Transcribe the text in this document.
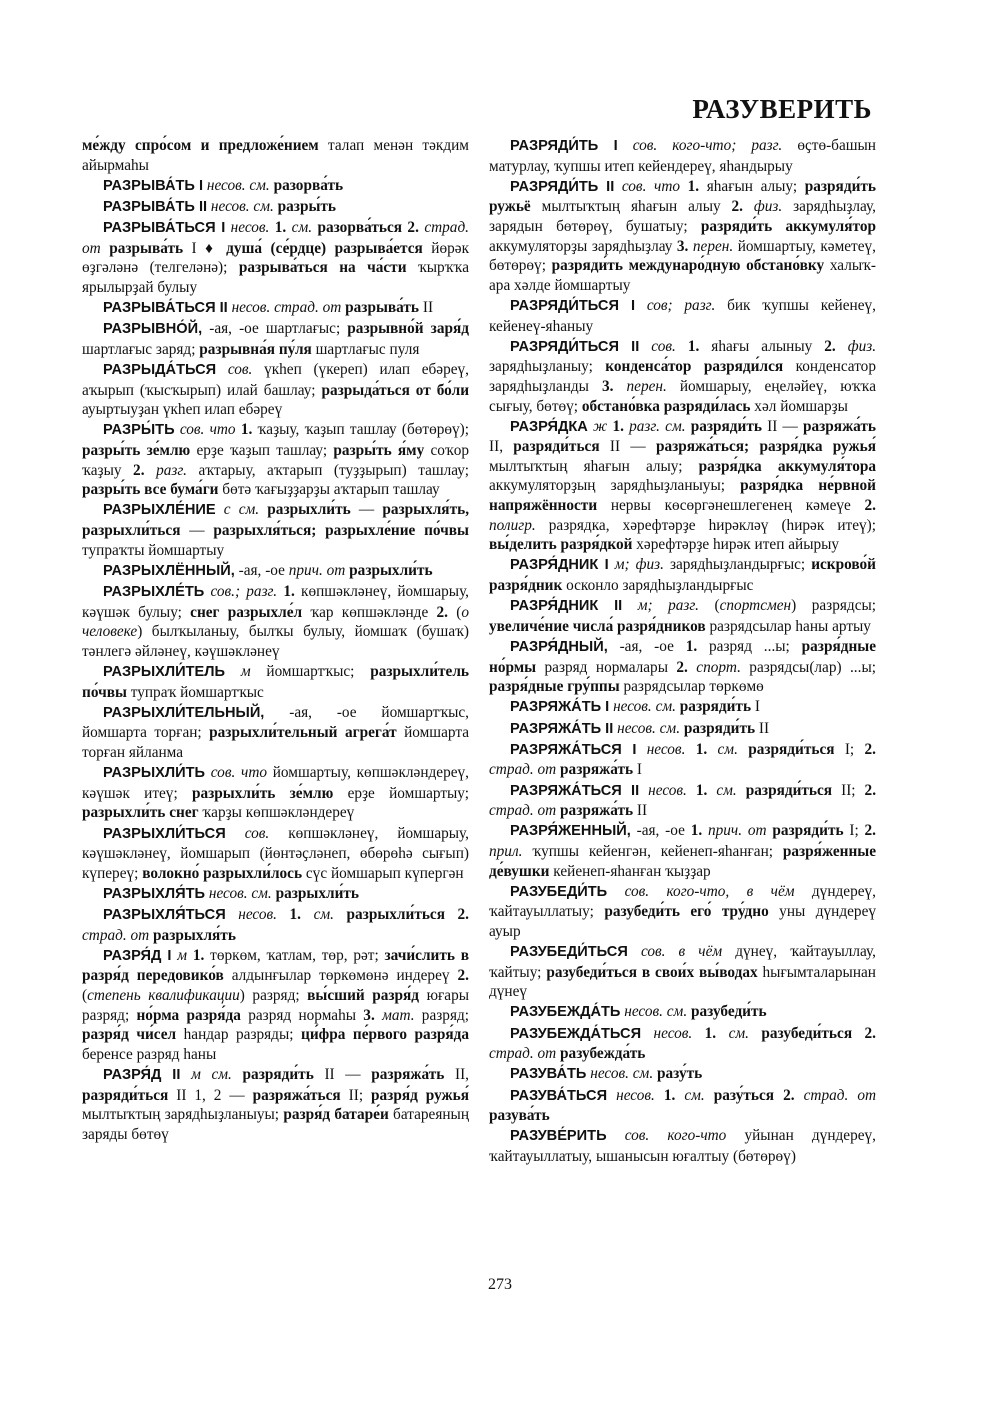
РАЗУВЕРИТЬ

ме́жду спро́сом и предложе́нием талап менән тәкдим айырмаһы

РАЗРЫВА́ТЬ I несов. см. разорва́ть

РАЗРЫВА́ТЬ II несов. см. разры́ть

РАЗРЫВА́ТЬСЯ I несов. 1. см. разорва́ться 2. страд. от разрыва́ть I ♦ душа́ (се́рдце) разрыва́ется йөрәк өҙгәләнә (телгеләнә); разрыва́ться на ча́сти ҡырҡҡа ярылырҙай булыу

РАЗРЫВА́ТЬСЯ II несов. страд. от разрыва́ть II

РАЗРЫВНО́Й, -ая, -ое шартлағыс; разрывно́й заря́д шартлағыс заряд; разрывна́я пу́ля шартлағыс пуля

РАЗРЫДА́ТЬСЯ сов. үкһеп (үкереп) илап ебәреү, аҡырып (ҡысҡырып) илай башлау; разрыда́ться от бо́ли ауыртыуҙан үкһеп илап ебәреү

РАЗРЫ́ТЬ сов. что 1. ҡаҙыу, ҡаҙып ташлау (бөтөрөү); разры́ть зе́млю ерҙе ҡаҙып ташлау; разры́ть я́му соҡор ҡаҙыу 2. разг. аҡтарыу, аҡтарып (туҙҙырып) ташлау; разры́ть все бума́ги бөтә ҡағыҙҙарҙы аҡтарып ташлау

РАЗРЫХЛЕ́НИЕ с см. разрыхли́ть — разрыхля́ть, разрыхли́ться — разрыхля́ться; разрыхле́ние по́чвы тупраҡты йомшартыу

РАЗРЫХЛЁННЫЙ, -ая, -ое прич. от разрыхли́ть

РАЗРЫХЛЕ́ТЬ сов.; разг. 1. көпшәкләнеү, йомшарыу, кәүшәк булыу; снег разрыхле́л ҡар көпшәкләнде 2. (о человеке) былҡыланыу, былҡы булыу, йомшаҡ (бушаҡ) тәнлегә әйләнеү, кәүшәкләнеү

РАЗРЫХЛИ́ТЕЛЬ м йомшартҡыс; разрыхли́тель по́чвы тупраҡ йомшартҡыс

РАЗРЫХЛИ́ТЕЛЬНЫЙ, -ая, -ое йомшартҡыс, йомшарта торған; разрыхли́тельный агрега́т йомшарта торған яйланма

РАЗРЫХЛИ́ТЬ сов. что йомшартыу, көпшәкләндереү, кәүшәк итеү; разрыхли́ть зе́млю ерҙе йомшартыу; разрыхли́ть снег ҡарҙы көпшәкләндереү

РАЗРЫХЛИ́ТЬСЯ сов. көпшәкләнеү, йомшарыу, кәүшәкләнеү, йомшарып (йөнтәҫләнеп, өбөрөһә сығып) күпереү; волокно́ разрыхли́лось сүс йомшарып күпергән

РАЗРЫХЛЯ́ТЬ несов. см. разрыхли́ть

РАЗРЫХЛЯ́ТЬСЯ несов. 1. см. разрыхли́ться 2. страд. от разрыхля́ть

РАЗРЯ́Д I м 1. төркөм, ҡатлам, төр, рәт; зачи́слить в разря́д передовико́в алдынғылар төркөмөнә индереү 2. (степень квалификации) разряд; вы́сший разря́д юғары разряд; но́рма разря́да разряд нормаһы 3. мат. разряд; разря́д чи́сел һандар разряды; ци́фра пе́рвого разря́да беренсе разряд һаны

РАЗРЯ́Д II м см. разряди́ть II — разряжа́ть II, разряди́ться II 1, 2 — разряжа́ться II; разря́д ружья́ мылтыҡтың зарядһыҙланыуы; разря́д батаре́и батареяның заряды бөтөү

РАЗРЯДИ́ТЬ I сов. кого-что; разг. өҫтө-башын матурлау, ҡупшы итеп кейендереү, яһандырыу

РАЗРЯДИ́ТЬ II сов. что 1. яһағын алыу; разряди́ть ружьё мылтыҡтың яһағын алыу 2. физ. зарядһыҙлау, зарядын бөтөрөү, бушатыу; разряди́ть аккумуля́тор аккумуляторҙы зарядһыҙлау 3. перен. йомшартыу, кәметеү, бөтөрөү; разряди́ть междунаро́дную обстано́вку халыҡ-ара хәлде йомшартыу

РАЗРЯДИ́ТЬСЯ I сов; разг. бик ҡупшы кейенеү, кейенеү-яһаныу

РАЗРЯДИ́ТЬСЯ II сов. 1. яһағы алыныу 2. физ. зарядһыҙланыу; конденса́тор разряди́лся конденсатор зарядһыҙланды 3. перен. йомшарыу, еңеләйеү, юҡҡа сығыу, бөтөү; обстано́вка разряди́лась хәл йомшарҙы

РАЗРЯ́ДКА ж 1. разг. см. разряди́ть II — разряжа́ть II, разряди́ться II — разряжа́ться; разря́дка ружья́ мылтыҡтың яһағын алыу; разря́дка аккумуля́тора аккумуляторҙың зарядһыҙланыуы; разря́дка не́рвной напряжённости нервы көсөргәнешлегенең кәмеүе 2. полигр. разрядка, хәрефтәрҙе һирәкләү (һирәк итеү); вы́делить разря́дкой хәрефтәрҙе һирәк итеп айырыу

РАЗРЯ́ДНИК I м; физ. зарядһыҙландырғыс; искрово́й разря́дник осконло зарядһыҙландырғыс

РАЗРЯ́ДНИК II м; разг. (спортсмен) разрядсы; увеличе́ние числа́ разря́дников разрядсылар һаны артыу

РАЗРЯ́ДНЫЙ, -ая, -ое 1. разряд ...ы; разря́дные но́рмы разряд нормалары 2. спорт. разрядсы(лар) ...ы; разря́дные гру́ппы разрядсылар төркөмө

РАЗРЯЖА́ТЬ I несов. см. разряди́ть I

РАЗРЯЖА́ТЬ II несов. см. разряди́ть II

РАЗРЯЖА́ТЬСЯ I несов. 1. см. разряди́ться I; 2. страд. от разряжа́ть I

РАЗРЯЖА́ТЬСЯ II несов. 1. см. разряди́ться II; 2. страд. от разряжа́ть II

РАЗРЯ́ЖЕННЫЙ, -ая, -ое 1. прич. от разряди́ть I; 2. прил. ҡупшы кейенгән, кейенеп-яһанған; разря́женные де́вушки кейенеп-яһанған ҡыҙҙар

РАЗУБЕДИ́ТЬ сов. кого-что, в чём дүндереү, ҡайтауыллатыу; разубеди́ть его́ тру́дно уны дүндереү ауыр

РАЗУБЕДИ́ТЬСЯ сов. в чём дүнеү, ҡайтауыллау, ҡайтыу; разубеди́ться в свои́х вы́водах һығымталарынан дүнеү

РАЗУБЕЖДА́ТЬ несов. см. разубеди́ть

РАЗУБЕЖДА́ТЬСЯ несов. 1. см. разубеди́ться 2. страд. от разубежда́ть

РАЗУВА́ТЬ несов. см. разу́ть

РАЗУВА́ТЬСЯ несов. 1. см. разу́ться 2. страд. от разува́ть

РАЗУВЕ́РИТЬ сов. кого-что уйынан дүндереү, ҡайтауыллатыу, ышанысын юғалтыу (бөтөрөү)

273
